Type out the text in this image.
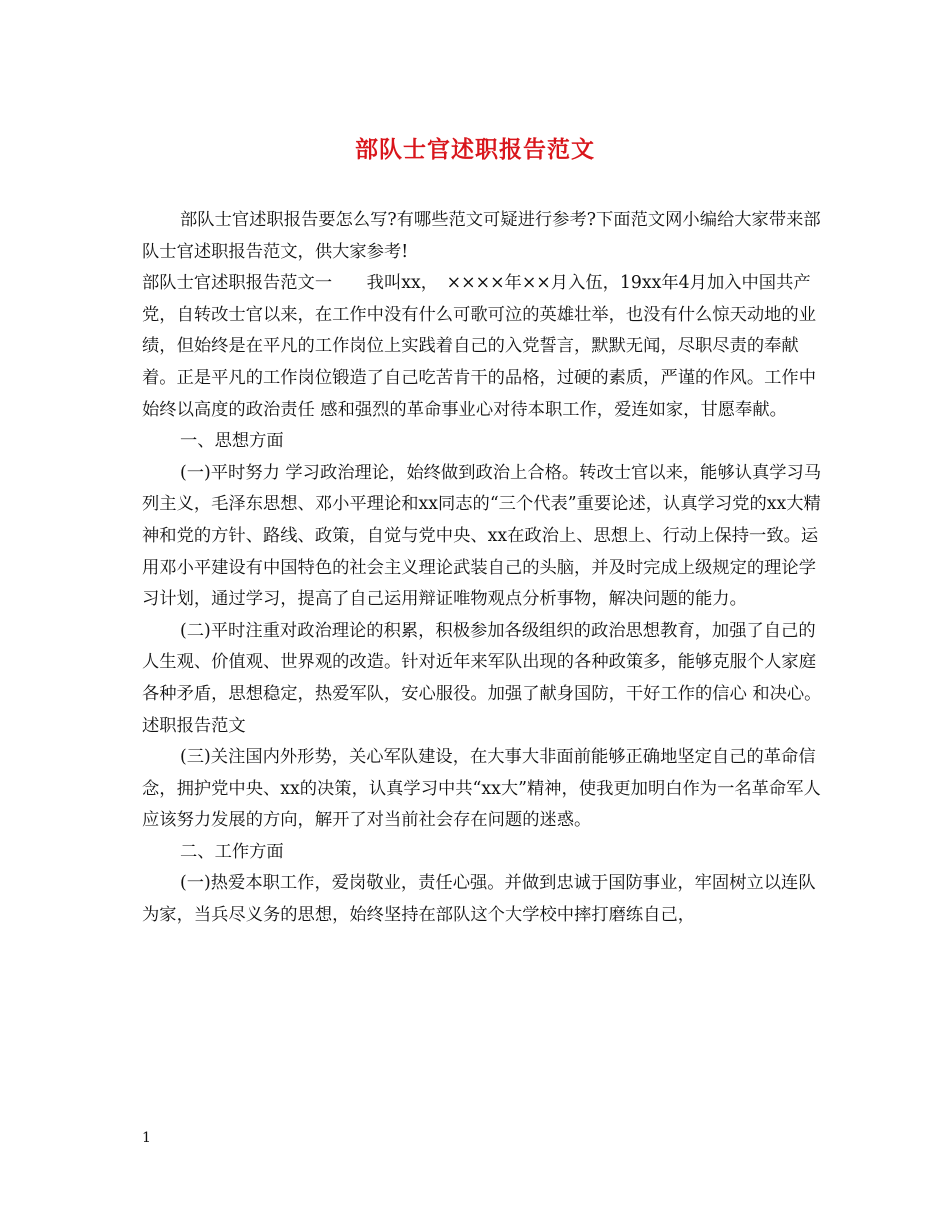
部队士官述职报告范文

部队士官述职报告要怎么写?有哪些范文可疑进行参考?下面范文网小编给大家带来部队士官述职报告范文，供大家参考!

部队士官述职报告范文一　　我叫xx，　××××年××月入伍，19xx年4月加入中国共产党，自转改士官以来，在工作中没有什么可歌可泣的英雄壮举，也没有什么惊天动地的业绩，但始终是在平凡的工作岗位上实践着自己的入党誓言，默默无闻，尽职尽责的奉献着。正是平凡的工作岗位锻造了自己吃苦肯干的品格，过硬的素质，严谨的作风。工作中始终以高度的政治责任 感和强烈的革命事业心对待本职工作，爱连如家，甘愿奉献。

一、思想方面

(一)平时努力 学习政治理论，始终做到政治上合格。转改士官以来，能够认真学习马列主义，毛泽东思想、邓小平理论和xx同志的“三个代表”重要论述，认真学习党的xx大精神和党的方针、路线、政策，自觉与党中央、xx在政治上、思想上、行动上保持一致。运用邓小平建设有中国特色的社会主义理论武装自己的头脑，并及时完成上级规定的理论学习计划，通过学习，提高了自己运用辩证唯物观点分析事物，解决问题的能力。

(二)平时注重对政治理论的积累，积极参加各级组织的政治思想教育，加强了自己的人生观、价值观、世界观的改造。针对近年来军队出现的各种政策多，能够克服个人家庭各种矛盾，思想稳定，热爱军队，安心服役。加强了献身国防，干好工作的信心 和决心。述职报告范文

(三)关注国内外形势，关心军队建设，在大事大非面前能够正确地坚定自己的革命信念，拥护党中央、xx的决策，认真学习中共“xx大”精神，使我更加明白作为一名革命军人应该努力发展的方向，解开了对当前社会存在问题的迷惑。

二、工作方面

(一)热爱本职工作，爱岗敬业，责任心强。并做到忠诚于国防事业，牢固树立以连队为家，当兵尽义务的思想，始终坚持在部队这个大学校中摔打磨练自己，

1
